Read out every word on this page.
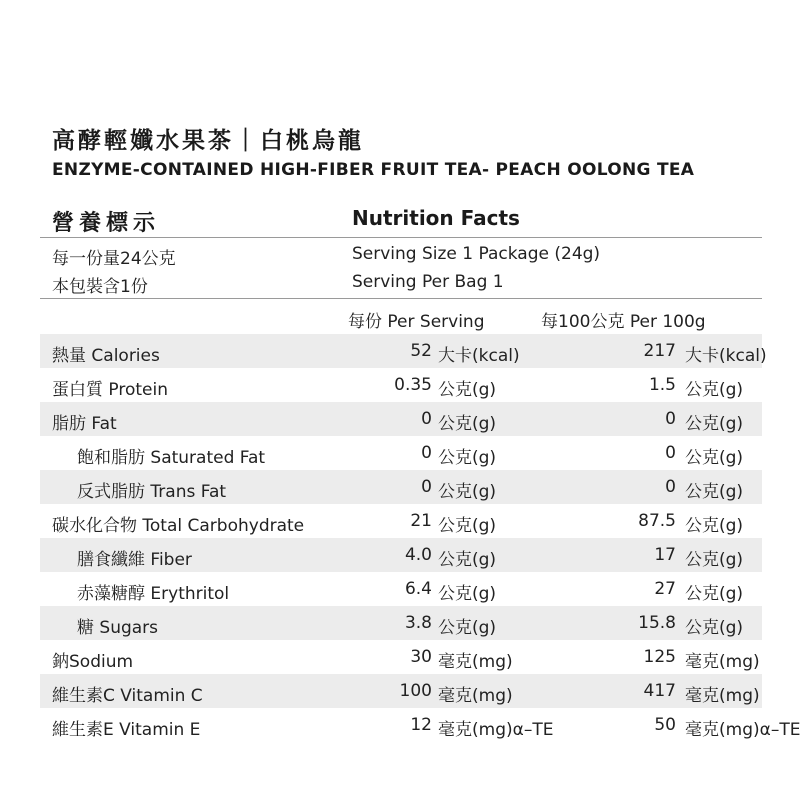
高酵輕孅水果茶｜白桃烏龍
ENZYME-CONTAINED HIGH-FIBER FRUIT TEA- PEACH OOLONG TEA
營養標示	Nutrition Facts
每一份量24公克
本包裝含1份
Serving Size 1 Package (24g)
Serving Per Bag 1
每份 Per Serving	每100公克 Per 100g
熱量 Calories	52 大卡(kcal)	217 大卡(kcal)
蛋白質 Protein	0.35 公克(g)	1.5 公克(g)
脂肪 Fat	0 公克(g)	0 公克(g)
飽和脂肪 Saturated Fat	0 公克(g)	0 公克(g)
反式脂肪 Trans Fat	0 公克(g)	0 公克(g)
碳水化合物 Total Carbohydrate	21 公克(g)	87.5 公克(g)
膳食纖維 Fiber	4.0 公克(g)	17 公克(g)
赤藻糖醇 Erythritol	6.4 公克(g)	27 公克(g)
糖 Sugars	3.8 公克(g)	15.8 公克(g)
鈉Sodium	30 毫克(mg)	125 毫克(mg)
維生素C Vitamin C	100 毫克(mg)	417 毫克(mg)
維生素E Vitamin E	12 毫克(mg)α–TE	50 毫克(mg)α–TE
